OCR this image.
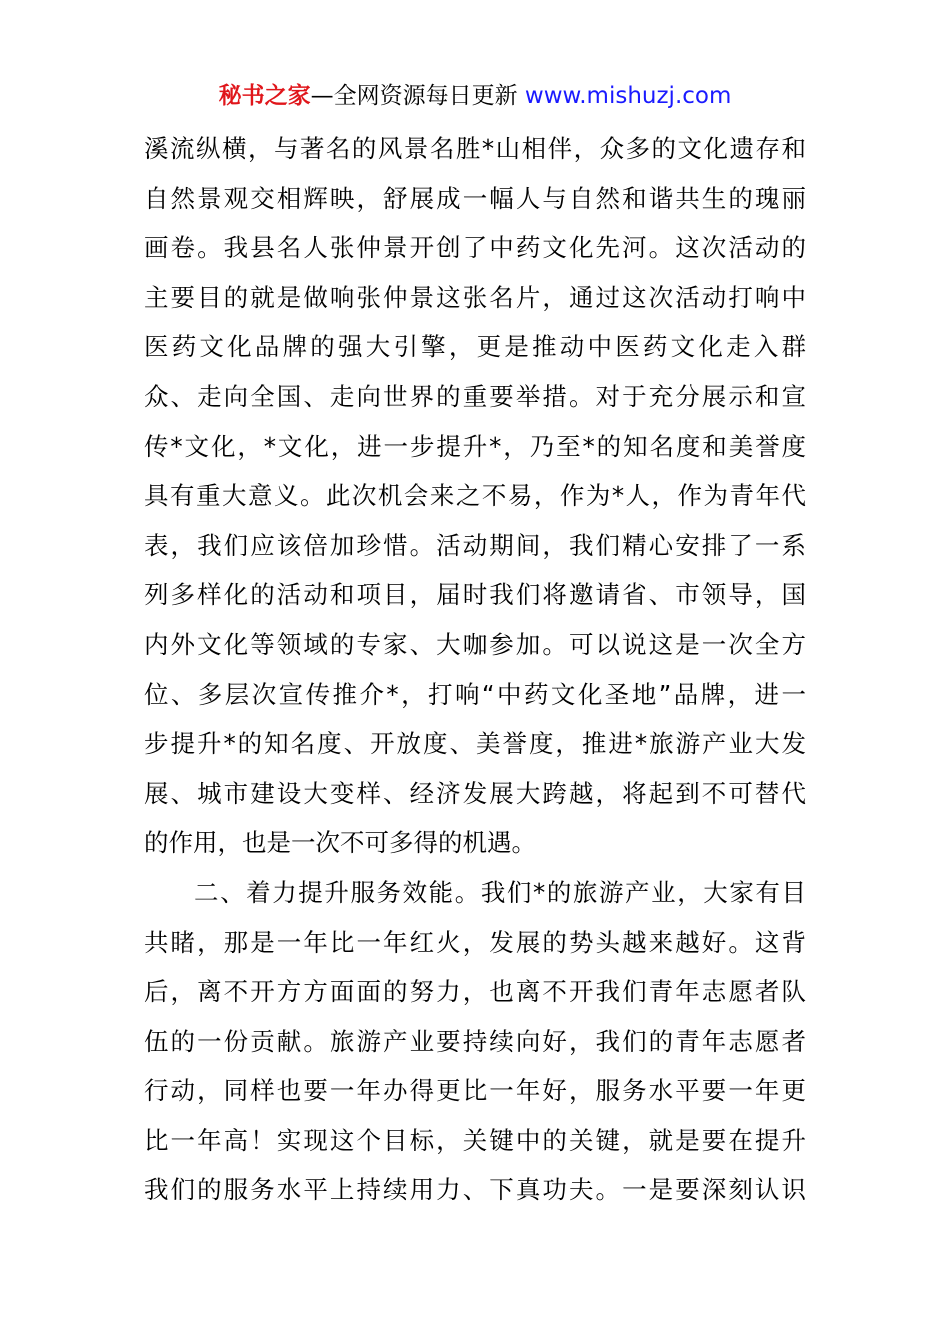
秘书之家—全网资源每日更新 www.mishuzj.com
溪流纵横，与著名的风景名胜*山相伴，众多的文化遗存和
自然景观交相辉映，舒展成一幅人与自然和谐共生的瑰丽
画卷。我县名人张仲景开创了中药文化先河。这次活动的
主要目的就是做响张仲景这张名片，通过这次活动打响中
医药文化品牌的强大引擎，更是推动中医药文化走入群
众、走向全国、走向世界的重要举措。对于充分展示和宣
传*文化，*文化，进一步提升*，乃至*的知名度和美誉度
具有重大意义。此次机会来之不易，作为*人，作为青年代
表，我们应该倍加珍惜。活动期间，我们精心安排了一系
列多样化的活动和项目，届时我们将邀请省、市领导，国
内外文化等领域的专家、大咖参加。可以说这是一次全方
位、多层次宣传推介*，打响“中药文化圣地”品牌，进一
步提升*的知名度、开放度、美誉度，推进*旅游产业大发
展、城市建设大变样、经济发展大跨越，将起到不可替代
的作用，也是一次不可多得的机遇。
二、着力提升服务效能。我们*的旅游产业，大家有目
共睹，那是一年比一年红火，发展的势头越来越好。这背
后，离不开方方面面的努力，也离不开我们青年志愿者队
伍的一份贡献。旅游产业要持续向好，我们的青年志愿者
行动，同样也要一年办得更比一年好，服务水平要一年更
比一年高！实现这个目标，关键中的关键，就是要在提升
我们的服务水平上持续用力、下真功夫。一是要深刻认识
